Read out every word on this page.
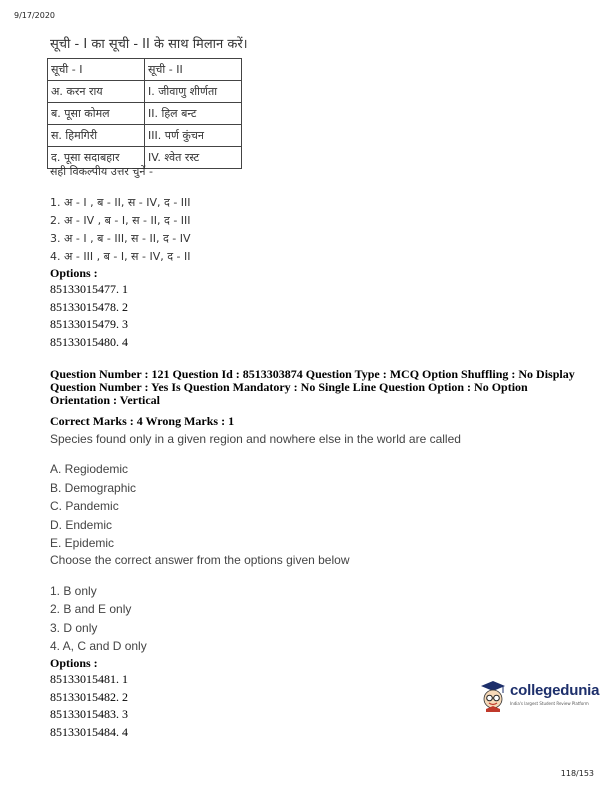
9/17/2020
सूची - I का सूची - II के साथ मिलान करें।
सूची - I	सूची - II
अ. करन राय	I. जीवाणु शीर्णता
ब. पूसा कोमल	II. हिल बन्ट
स. हिमगिरी	III. पर्ण कुंचन
द. पूसा सदाबहार	IV. श्वेत रस्ट
सही विकल्पीय उत्तर चुनें -
1. अ - I , ब - II, स - IV, द - III
2. अ - IV , ब - I, स - II, द - III
3. अ - I , ब - III, स - II, द - IV
4. अ - III , ब - I, स - IV, द - II
Options :
85133015477. 1
85133015478. 2
85133015479. 3
85133015480. 4
Question Number : 121 Question Id : 8513303874 Question Type : MCQ Option Shuffling : No Display Question Number : Yes Is Question Mandatory : No Single Line Question Option : No Option Orientation : Vertical
Correct Marks : 4 Wrong Marks : 1
Species found only in a given region and nowhere else in the world are called
A. Regiodemic
B. Demographic
C. Pandemic
D. Endemic
E. Epidemic
Choose the correct answer from the options given below
1. B only
2. B and E only
3. D only
4. A, C and D only
Options :
85133015481. 1
85133015482. 2
85133015483. 3
85133015484. 4
collegedunia
India's largest Student Review Platform
118/153
